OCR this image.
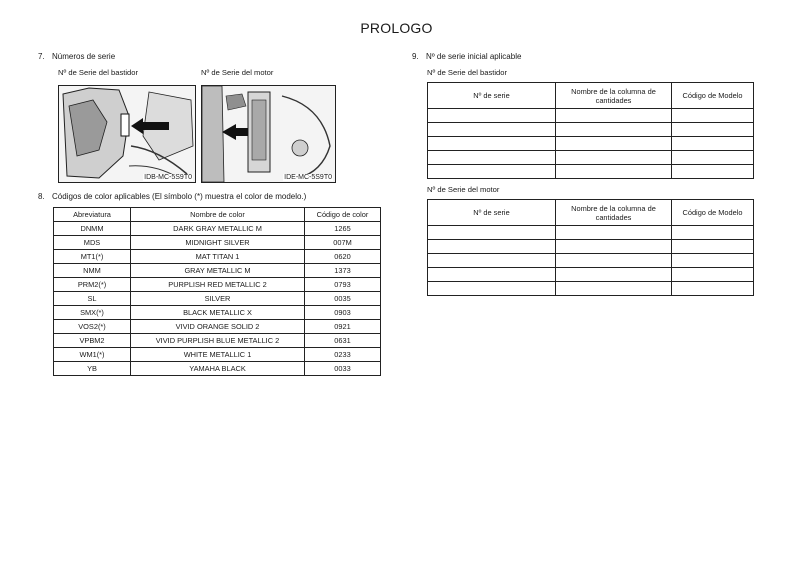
PROLOGO
7. Números de serie
Nº de Serie del bastidor	Nº de Serie del motor
IDB-MC-5S9T0	IDE-MC-5S9T0
8. Códigos de color aplicables (El símbolo (*) muestra el color de modelo.)
Abreviatura	Nombre de color	Código de color
DNMM	DARK GRAY METALLIC M	1265
MDS	MIDNIGHT SILVER	007M
MT1(*)	MAT TITAN 1	0620
NMM	GRAY METALLIC M	1373
PRM2(*)	PURPLISH RED METALLIC 2	0793
SL	SILVER	0035
SMX(*)	BLACK METALLIC X	0903
VOS2(*)	VIVID ORANGE SOLID 2	0921
VPBM2	VIVID PURPLISH BLUE METALLIC 2	0631
WM1(*)	WHITE METALLIC 1	0233
YB	YAMAHA BLACK	0033
9. Nº de serie inicial aplicable
Nº de Serie del bastidor
Nº de serie	Nombre de la columna de cantidades	Código de Modelo

Nº de Serie del motor
Nº de serie	Nombre de la columna de cantidades	Código de Modelo
